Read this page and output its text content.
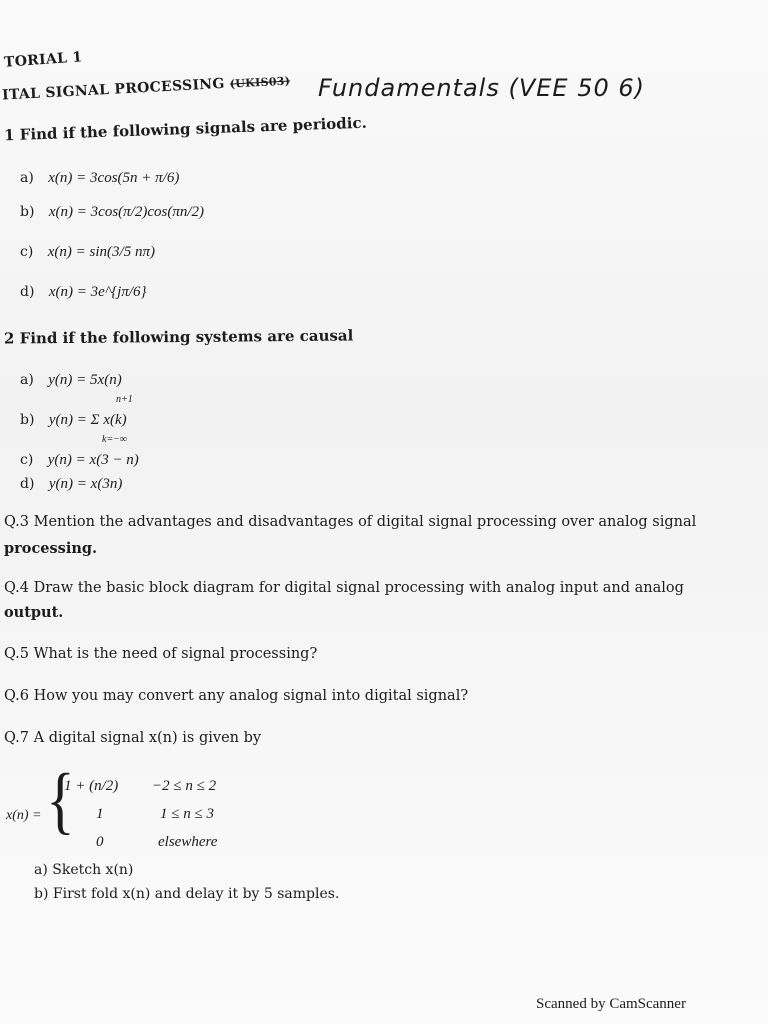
TORIAL 1
ITAL SIGNAL PROCESSING (UKIS03) Fundamentals (VEE 50 6)
1 Find if the following signals are periodic.
a) x(n) = 3cos(5n + π/6)
b) x(n) = 3cos(π/2)cos(πn/2)
c) x(n) = sin(3/5 nπ)
d) x(n) = 3e^{jπ/6}
2 Find if the following systems are causal
a) y(n) = 5x(n)
b) y(n) = Σ x(k)
n+1
k=−∞
c) y(n) = x(3 − n)
d) y(n) = x(3n)
Q.3 Mention the advantages and disadvantages of digital signal processing over analog signal
processing.
Q.4 Draw the basic block diagram for digital signal processing with analog input and analog
output.
Q.5 What is the need of signal processing?
Q.6 How you may convert any analog signal into digital signal?
Q.7 A digital signal x(n) is given by
x(n) = {
1 + (n/2) −2 ≤ n ≤ 2
1	1 ≤ n ≤ 3
0	elsewhere
a) Sketch x(n)
b) First fold x(n) and delay it by 5 samples.
Scanned by CamScanner
